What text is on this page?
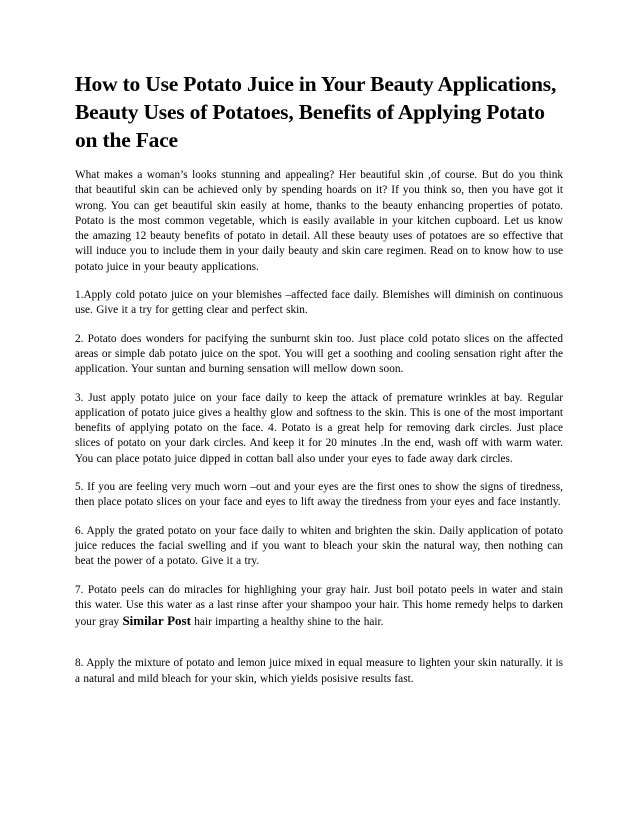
How to Use Potato Juice in Your Beauty Applications, Beauty Uses of Potatoes, Benefits of Applying Potato on the Face

What makes a woman’s looks stunning and appealing? Her beautiful skin ,of course. But do you think that beautiful skin can be achieved only by spending hoards on it? If you think so, then you have got it wrong. You can get beautiful skin easily at home, thanks to the beauty enhancing properties of potato. Potato is the most common vegetable, which is easily available in your kitchen cupboard. Let us know the amazing 12 beauty benefits of potato in detail. All these beauty uses of potatoes are so effective that will induce you to include them in your daily beauty and skin care regimen. Read on to know how to use potato juice in your beauty applications.

1.Apply cold potato juice on your blemishes –affected face daily. Blemishes will diminish on continuous use. Give it a try for getting clear and perfect skin.

2. Potato does wonders for pacifying the sunburnt skin too. Just place cold potato slices on the affected areas or simple dab potato juice on the spot. You will get a soothing and cooling sensation right after the application. Your suntan and burning sensation will mellow down soon.

3. Just apply potato juice on your face daily to keep the attack of premature wrinkles at bay. Regular application of potato juice gives a healthy glow and softness to the skin. This is one of the most important benefits of applying potato on the face. 4. Potato is a great help for removing dark circles. Just place slices of potato on your dark circles. And keep it for 20 minutes .In the end, wash off with warm water. You can place potato juice dipped in cottan ball also under your eyes to fade away dark circles.

5. If you are feeling very much worn –out and your eyes are the first ones to show the signs of tiredness, then place potato slices on your face and eyes to lift away the tiredness from your eyes and face instantly.

6. Apply the grated potato on your face daily to whiten and brighten the skin. Daily application of potato juice reduces the facial swelling and if you want to bleach your skin the natural way, then nothing can beat the power of a potato. Give it a try.

7. Potato peels can do miracles for highlighing your gray hair. Just boil potato peels in water and stain this water. Use this water as a last rinse after your shampoo your hair. This home remedy helps to darken your gray Similar Post hair imparting a healthy shine to the hair.

8. Apply the mixture of potato and lemon juice mixed in equal measure to lighten your skin naturally. it is a natural and mild bleach for your skin, which yields posisive results fast.
